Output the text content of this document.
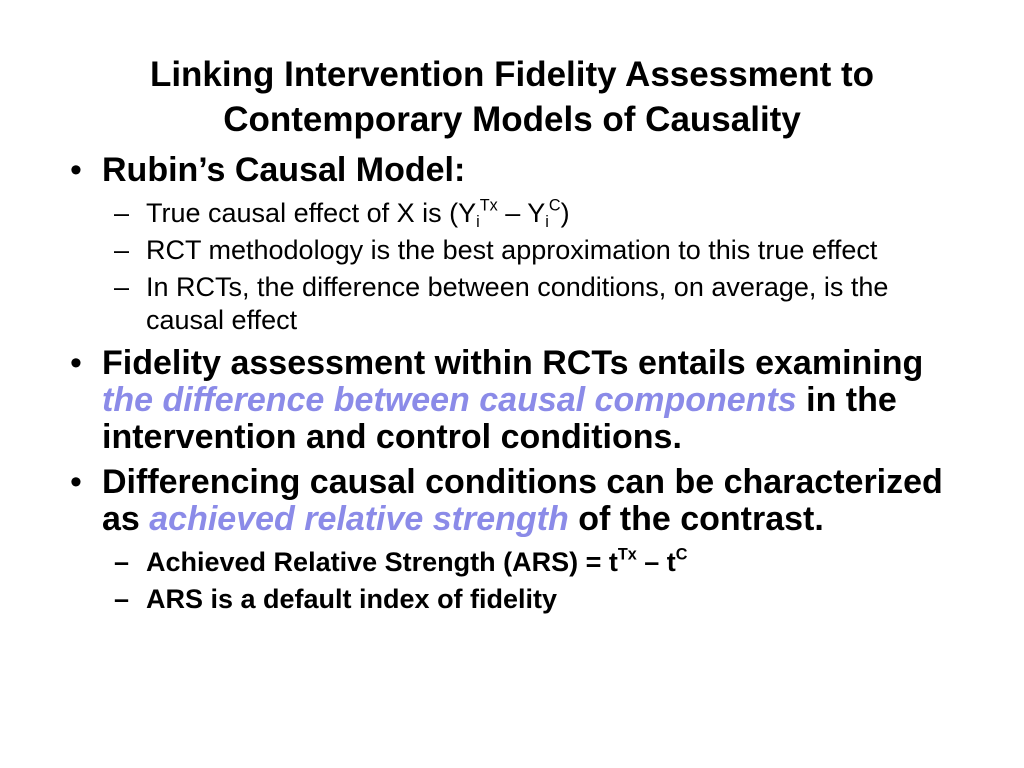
Linking Intervention Fidelity Assessment to
Contemporary Models of Causality
• Rubin’s Causal Model:
– True causal effect of X is $(Y_i^{Tx} - Y_i^C)$
– RCT methodology is the best approximation to this true effect
– In RCTs, the difference between conditions, on average, is the causal effect
• Fidelity assessment within RCTs entails examining the difference between causal components in the intervention and control conditions.
• Differencing causal conditions can be characterized as achieved relative strength of the contrast.
– Achieved Relative Strength $(ARS) = t^{Tx} - t^C$
– ARS is a default index of fidelity
